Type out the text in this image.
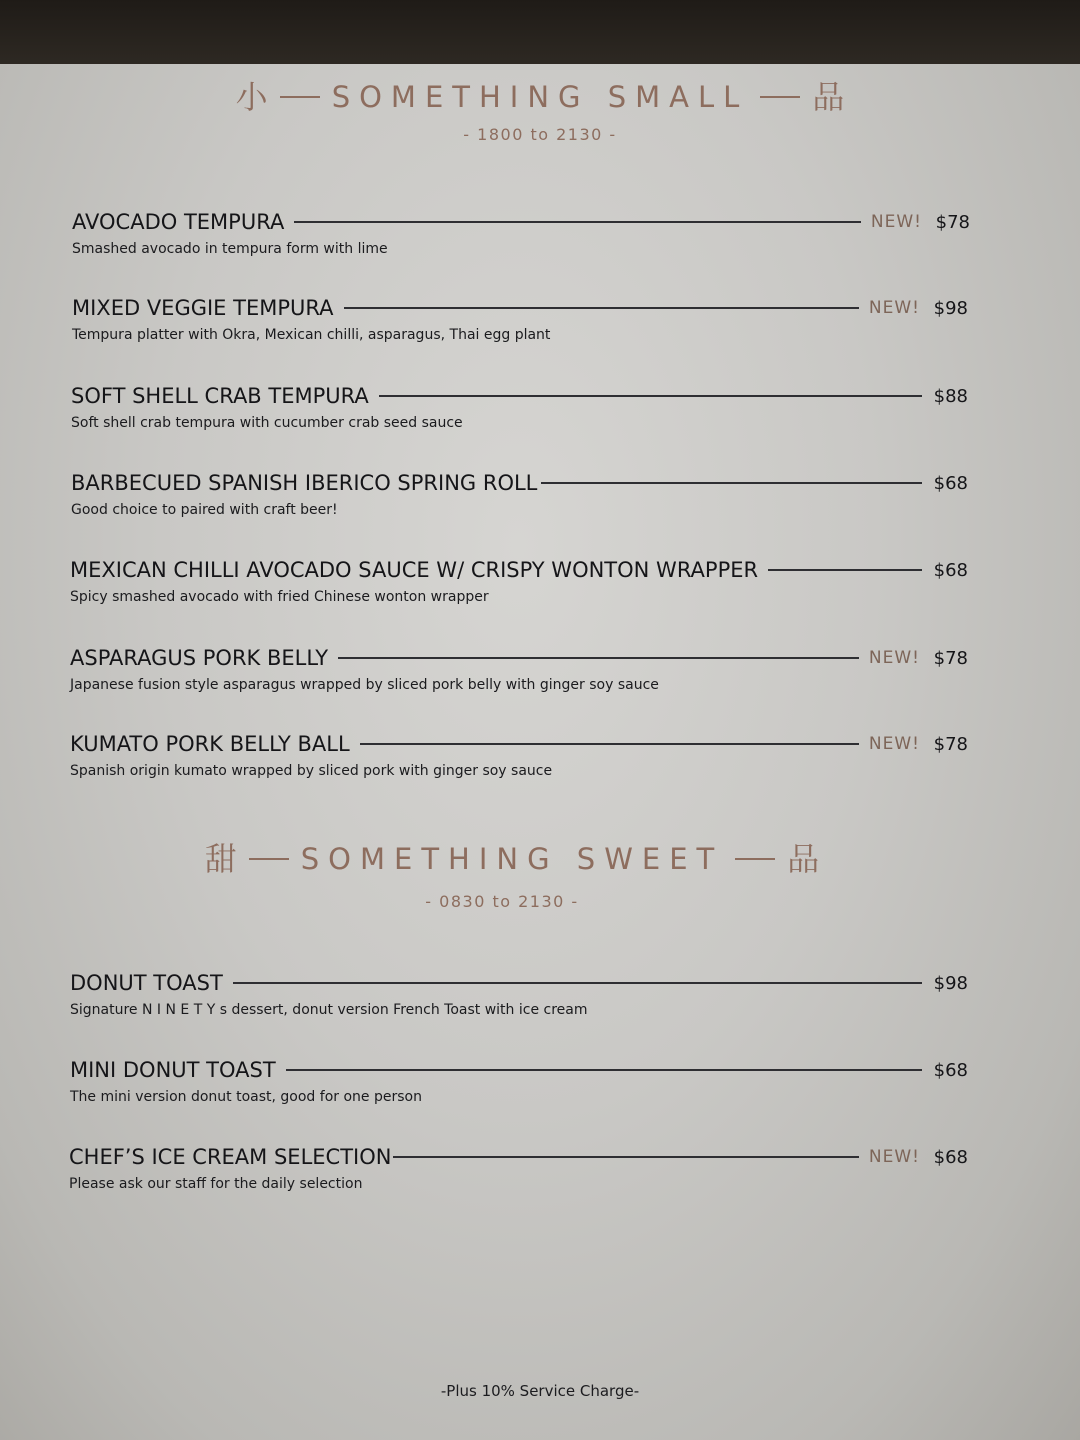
小 SOMETHING SMALL 品
- 1800 to 2130 -
AVOCADO TEMPURA	NEW! $78
Smashed avocado in tempura form with lime
MIXED VEGGIE TEMPURA	NEW! $98
Tempura platter with Okra, Mexican chilli, asparagus, Thai egg plant
SOFT SHELL CRAB TEMPURA	$88
Soft shell crab tempura with cucumber crab seed sauce
BARBECUED SPANISH IBERICO SPRING ROLL	$68
Good choice to paired with craft beer!
MEXICAN CHILLI AVOCADO SAUCE W/ CRISPY WONTON WRAPPER	$68
Spicy smashed avocado with fried Chinese wonton wrapper
ASPARAGUS PORK BELLY	NEW! $78
Japanese fusion style asparagus wrapped by sliced pork belly with ginger soy sauce
KUMATO PORK BELLY BALL	NEW! $78
Spanish origin kumato wrapped by sliced pork with ginger soy sauce
甜 SOMETHING SWEET 品
- 0830 to 2130 -
DONUT TOAST	$98
Signature N I N E T Y s dessert, donut version French Toast with ice cream
MINI DONUT TOAST	$68
The mini version donut toast, good for one person
CHEF’S ICE CREAM SELECTION	NEW! $68
Please ask our staff for the daily selection
-Plus 10% Service Charge-
